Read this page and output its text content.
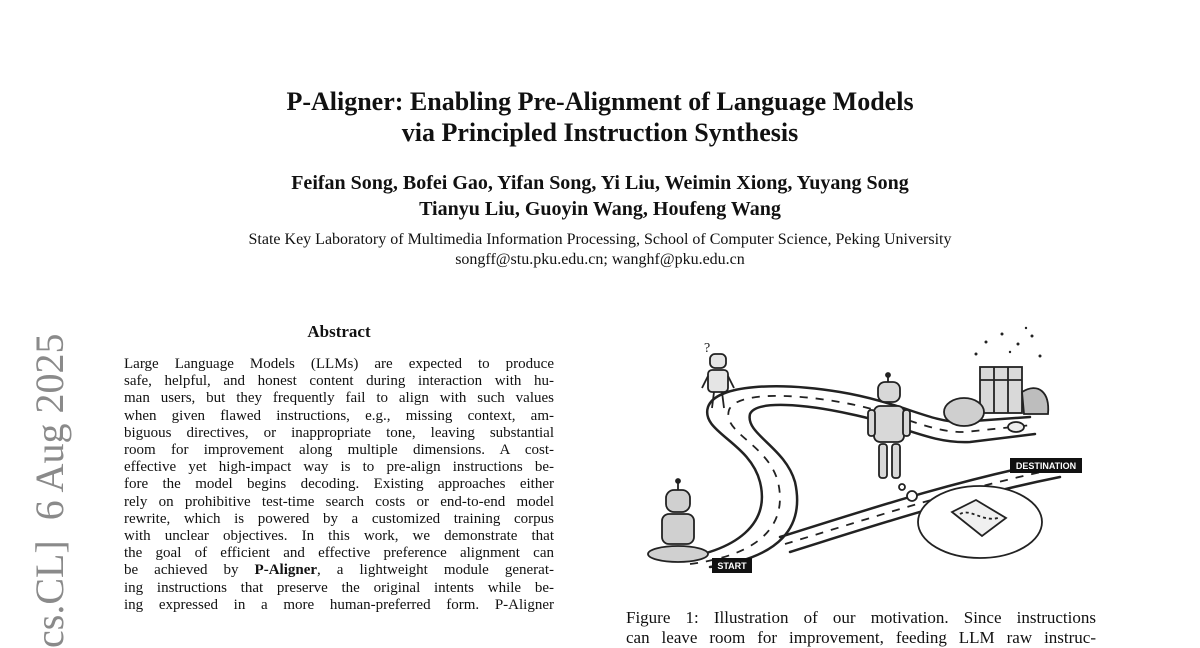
cs.CL] 6 Aug 2025
P-Aligner: Enabling Pre-Alignment of Language Models
via Principled Instruction Synthesis
Feifan Song, Bofei Gao, Yifan Song, Yi Liu, Weimin Xiong, Yuyang Song
Tianyu Liu, Guoyin Wang, Houfeng Wang
State Key Laboratory of Multimedia Information Processing, School of Computer Science, Peking University
songff@stu.pku.edu.cn; wanghf@pku.edu.cn
Abstract
Large Language Models (LLMs) are expected to produce
safe, helpful, and honest content during interaction with hu-
man users, but they frequently fail to align with such values
when given flawed instructions, e.g., missing context, am-
biguous directives, or inappropriate tone, leaving substantial
room for improvement along multiple dimensions. A cost-
effective yet high-impact way is to pre-align instructions be-
fore the model begins decoding. Existing approaches either
rely on prohibitive test-time search costs or end-to-end model
rewrite, which is powered by a customized training corpus
with unclear objectives. In this work, we demonstrate that
the goal of efficient and effective preference alignment can
be achieved by P-Aligner, a lightweight module generat-
ing instructions that preserve the original intents while be-
ing expressed in a more human-preferred form. P-Aligner
?
DESTINATION
START
Figure 1: Illustration of our motivation. Since instructions
can leave room for improvement, feeding LLM raw instruc-
